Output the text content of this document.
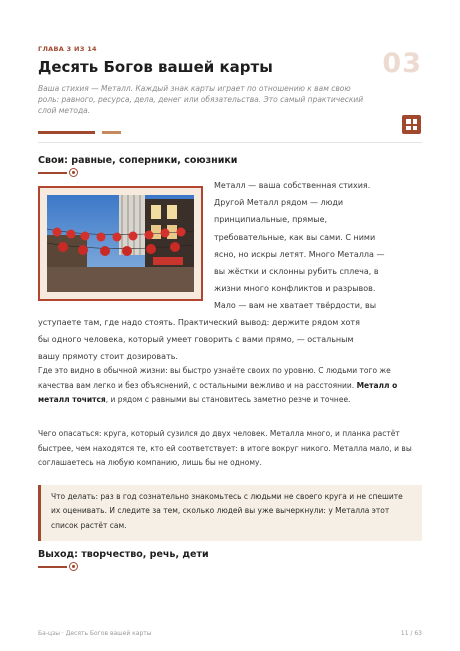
ГЛАВА 3 ИЗ 14
Десять Богов вашей карты	03
Ваша стихия — Металл. Каждый знак карты играет по отношению к вам свою роль: равного, ресурса, дела, денег или обязательства. Это самый практический слой метода.
Свои: равные, соперники, союзники
Металл — ваша собственная стихия.
Другой Металл рядом — люди
принципиальные, прямые,
требовательные, как вы сами. С ними
ясно, но искры летят. Много Металла —
вы жёстки и склонны рубить сплеча, в
жизни много конфликтов и разрывов.
Мало — вам не хватает твёрдости, вы
уступаете там, где надо стоять. Практический вывод: держите рядом хотя
бы одного человека, который умеет говорить с вами прямо, — остальным
вашу прямоту стоит дозировать.
Где это видно в обычной жизни: вы быстро узнаёте своих по уровню. С людьми того же качества вам легко и без объяснений, с остальными вежливо и на расстоянии. Металл о металл точится, и рядом с равными вы становитесь заметно резче и точнее.
Чего опасаться: круга, который сузился до двух человек. Металла много, и планка растёт быстрее, чем находятся те, кто ей соответствует: в итоге вокруг никого. Металла мало, и вы соглашаетесь на любую компанию, лишь бы не одному.
Что делать: раз в год сознательно знакомьтесь с людьми не своего круга и не спешите их оценивать. И следите за тем, сколько людей вы уже вычеркнули: у Металла этот список растёт сам.
Выход: творчество, речь, дети
Ба-цзы · Десять Богов вашей карты	11 / 63
